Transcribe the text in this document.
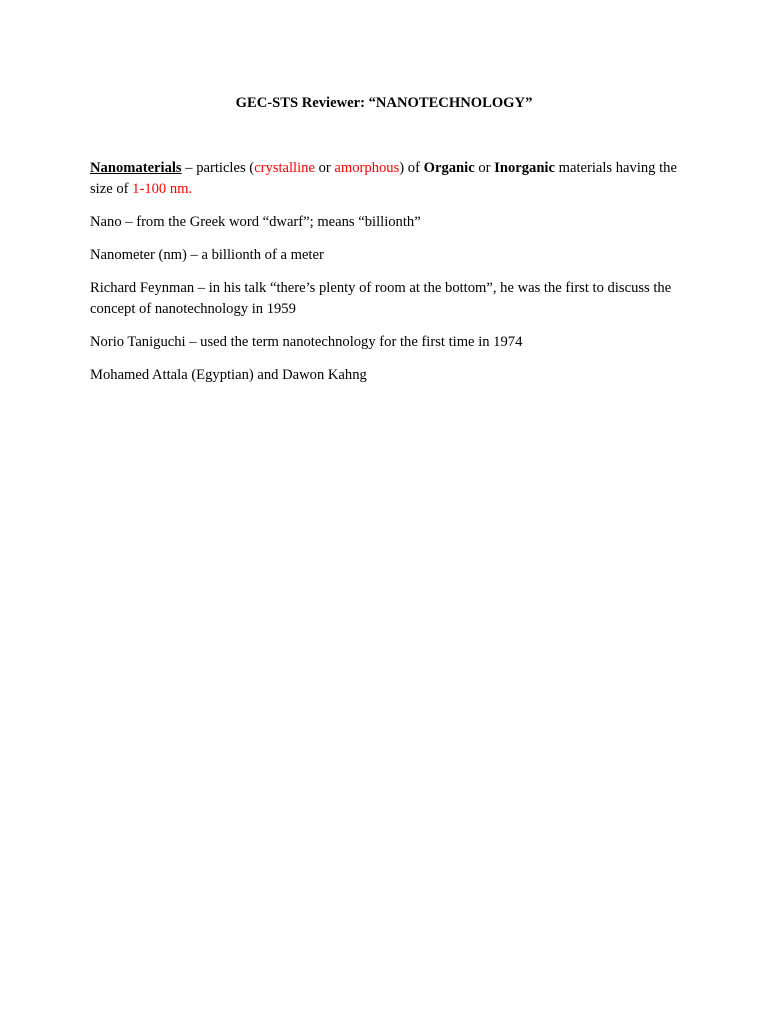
GEC-STS Reviewer: “NANOTECHNOLOGY”

Nanomaterials – particles (crystalline or amorphous) of Organic or Inorganic materials having the size of 1-100 nm.

Nano – from the Greek word “dwarf”; means “billionth”

Nanometer (nm) – a billionth of a meter

Richard Feynman – in his talk “there’s plenty of room at the bottom”, he was the first to discuss the concept of nanotechnology in 1959

Norio Taniguchi – used the term nanotechnology for the first time in 1974

Mohamed Attala (Egyptian) and Dawon Kahng
